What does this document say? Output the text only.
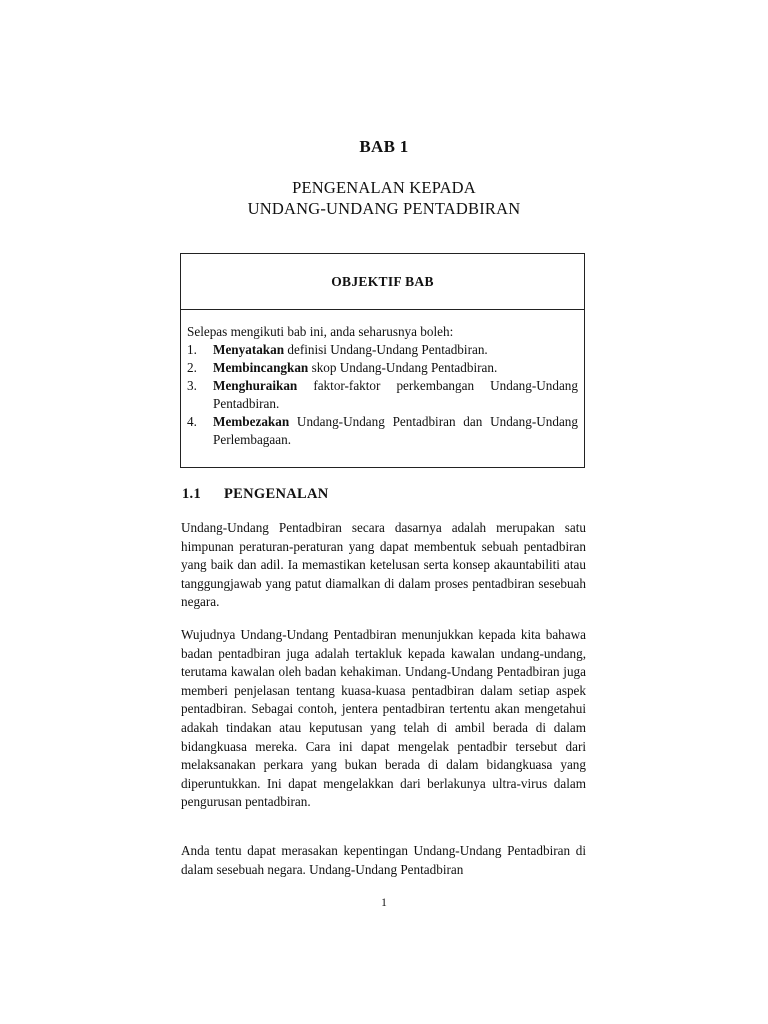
BAB 1
PENGENALAN KEPADA
UNDANG-UNDANG PENTADBIRAN
OBJEKTIF BAB

Selepas mengikuti bab ini, anda seharusnya boleh:

1.	Menyatakan definisi Undang-Undang Pentadbiran.
2.	Membincangkan skop Undang-Undang Pentadbiran.
3.	Menghuraikan faktor-faktor perkembangan Undang-Undang Pentadbiran.
4.	Membezakan Undang-Undang Pentadbiran dan Undang-Undang Perlembagaan.
1.1 PENGENALAN

Undang-Undang Pentadbiran secara dasarnya adalah merupakan satu himpunan peraturan-peraturan yang dapat membentuk sebuah pentadbiran yang baik dan adil. Ia memastikan ketelusan serta konsep akauntabiliti atau tanggungjawab yang patut diamalkan di dalam proses pentadbiran sesebuah negara.

Wujudnya Undang-Undang Pentadbiran menunjukkan kepada kita bahawa badan pentadbiran juga adalah tertakluk kepada kawalan undang-undang, terutama kawalan oleh badan kehakiman. Undang-Undang Pentadbiran juga memberi penjelasan tentang kuasa-kuasa pentadbiran dalam setiap aspek pentadbiran. Sebagai contoh, jentera pentadbiran tertentu akan mengetahui adakah tindakan atau keputusan yang telah di ambil berada di dalam bidangkuasa mereka. Cara ini dapat mengelak pentadbir tersebut dari melaksanakan perkara yang bukan berada di dalam bidangkuasa yang diperuntukkan. Ini dapat mengelakkan dari berlakunya ultra-virus dalam pengurusan pentadbiran.

Anda tentu dapat merasakan kepentingan Undang-Undang Pentadbiran di dalam sesebuah negara. Undang-Undang Pentadbiran

1
